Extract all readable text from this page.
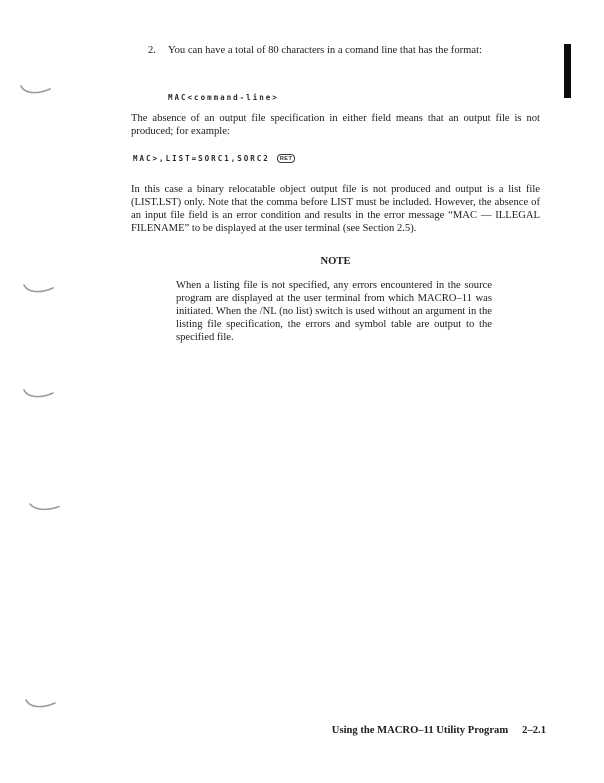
2.	You can have a total of 80 characters in a comand line that has the format:
MAC<command-line>

The absence of an output file specification in either field means that an output file is not produced; for example:

MAC>,LIST=SORC1,SORC2 RET

In this case a binary relocatable object output file is not produced and output is a list file (LIST.LST) only. Note that the comma before LIST must be included. However, the absence of an input file field is an error condition and results in the error message “MAC — ILLEGAL FILENAME” to be displayed at the user terminal (see Section 2.5).

NOTE

When a listing file is not specified, any errors encountered in the source program are displayed at the user terminal from which MACRO–11 was initiated. When the /NL (no list) switch is used without an argument in the listing file specification, the errors and symbol table are output to the specified file.

Using the MACRO–11 Utility Program 2–2.1
